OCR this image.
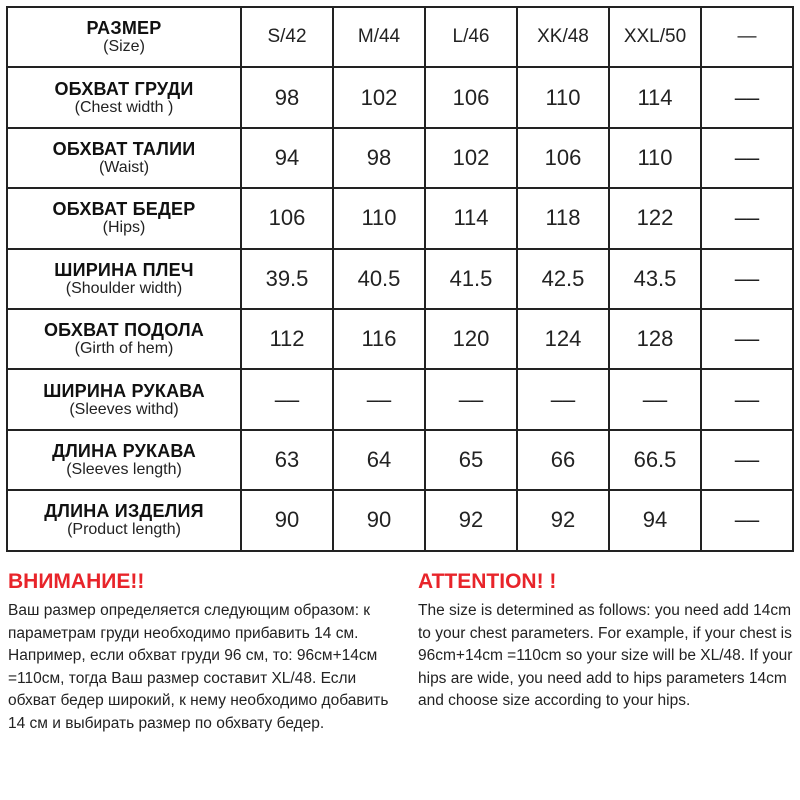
РАЗМЕР
(Size)	S/42	M/44	L/46	XK/48	XXL/50	—

ОБХВАТ ГРУДИ
(Chest width )	98	102	106	110	114	‒‒

ОБХВАТ ТАЛИИ
(Waist)	94	98	102	106	110	‒‒

ОБХВАТ БЕДЕР
(Hips)	106	110	114	118	122	‒‒

ШИРИНА ПЛЕЧ
(Shoulder width)	39.5	40.5	41.5	42.5	43.5	‒‒

ОБХВАТ ПОДОЛА
(Girth of hem)	112	116	120	124	128	‒‒

ШИРИНА РУКАВА
(Sleeves withd)	‒‒	‒‒	‒‒	‒‒	‒‒	‒‒

ДЛИНА РУКАВА
(Sleeves length)	63	64	65	66	66.5	‒‒

ДЛИНА ИЗДЕЛИЯ
(Product length)	90	90	92	92	94	‒‒

ВНИМАНИЕ!!

Ваш размер определяется следующим образом: к параметрам груди необходимо прибавить 14 см. Например, если обхват груди 96 см, то: 96см+14см =110см, тогда Ваш размер составит XL/48. Если обхват бедер широкий, к нему необходимо добавить 14 см и выбирать размер по обхвату бедер.

ATTENTION! !

The size is determined as follows: you need add 14cm to your chest parameters. For example, if your chest is 96cm+14cm =110cm so your size will be XL/48. If your hips are wide, you need add to hips parameters 14cm and choose size according to your hips.
